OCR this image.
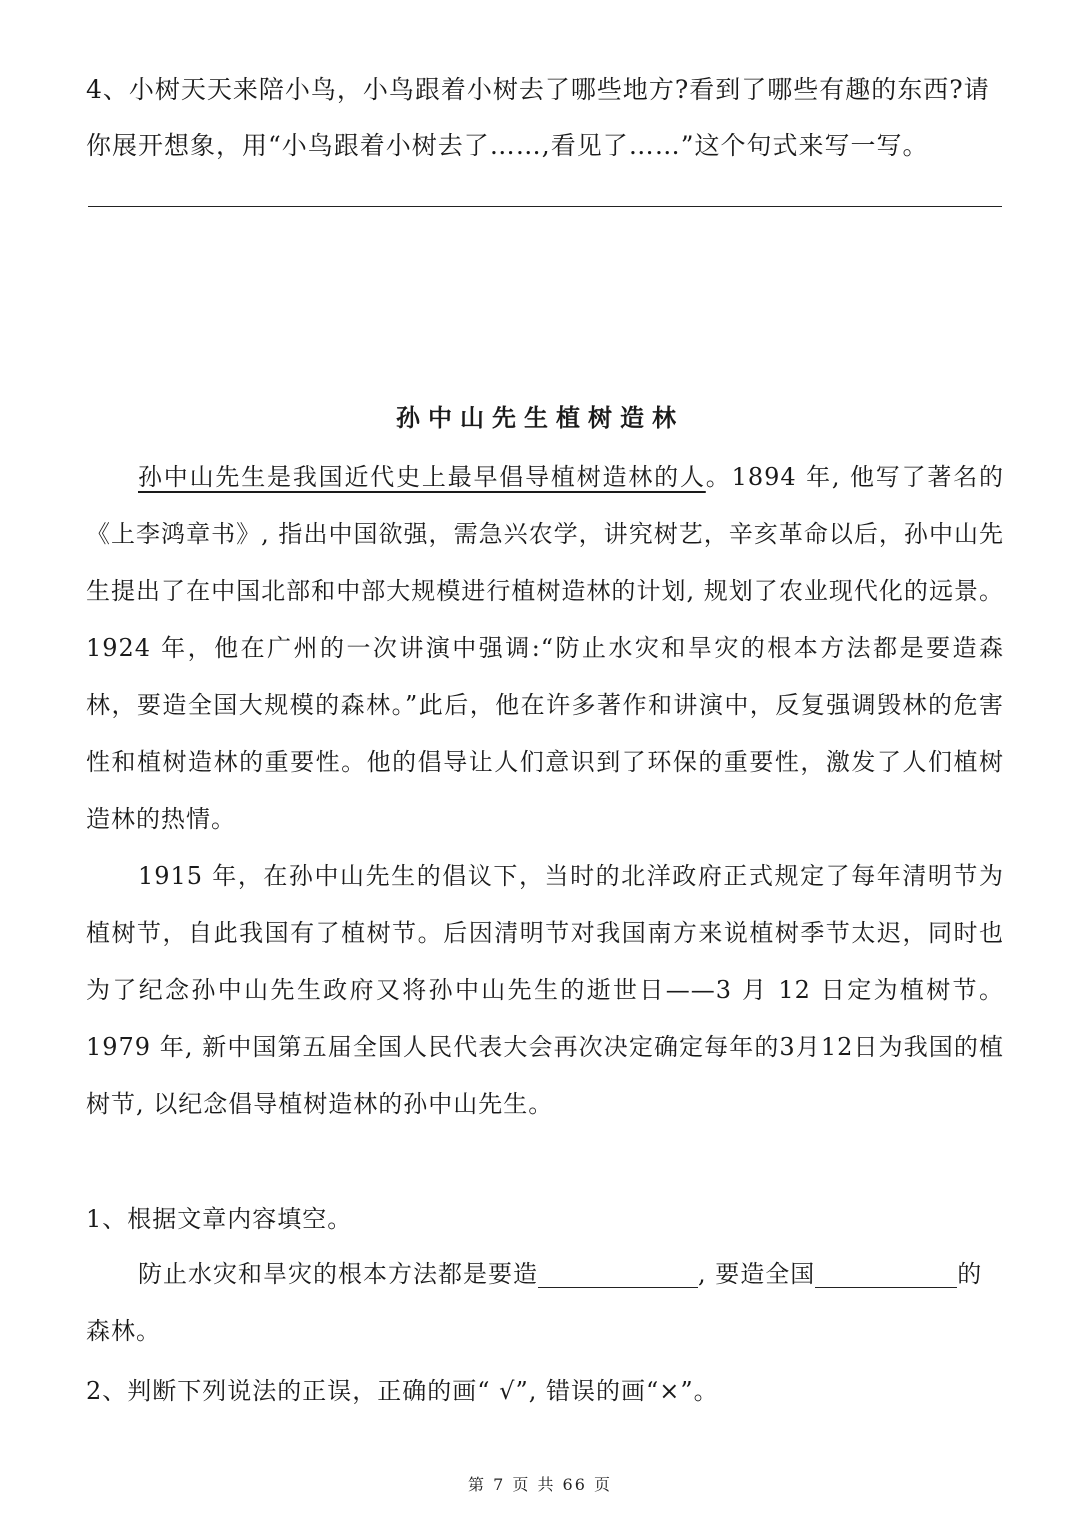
4、小树天天来陪小鸟，小鸟跟着小树去了哪些地方?看到了哪些有趣的东西?请你展开想象，用“小鸟跟着小树去了……,看见了……”这个句式来写一写。

孙中山先生植树造林

孙中山先生是我国近代史上最早倡导植树造林的人。1894 年, 他写了著名的《上李鸿章书》, 指出中国欲强，需急兴农学，讲究树艺，辛亥革命以后，孙中山先生提出了在中国北部和中部大规模进行植树造林的计划, 规划了农业现代化的远景。1924 年，他在广州的一次讲演中强调:“防止水灾和旱灾的根本方法都是要造森林，要造全国大规模的森林。”此后，他在许多著作和讲演中，反复强调毁林的危害性和植树造林的重要性。他的倡导让人们意识到了环保的重要性，激发了人们植树造林的热情。

1915 年，在孙中山先生的倡议下，当时的北洋政府正式规定了每年清明节为植树节，自此我国有了植树节。后因清明节对我国南方来说植树季节太迟，同时也为了纪念孙中山先生政府又将孙中山先生的逝世日——3 月 12 日定为植树节。1979 年, 新中国第五届全国人民代表大会再次决定确定每年的3月12日为我国的植树节, 以纪念倡导植树造林的孙中山先生。

1、根据文章内容填空。

防止水灾和旱灾的根本方法都是要造	, 要造全国	的森林。

2、判断下列说法的正误，正确的画“ √”, 错误的画“×”。

第 7 页 共 66 页
